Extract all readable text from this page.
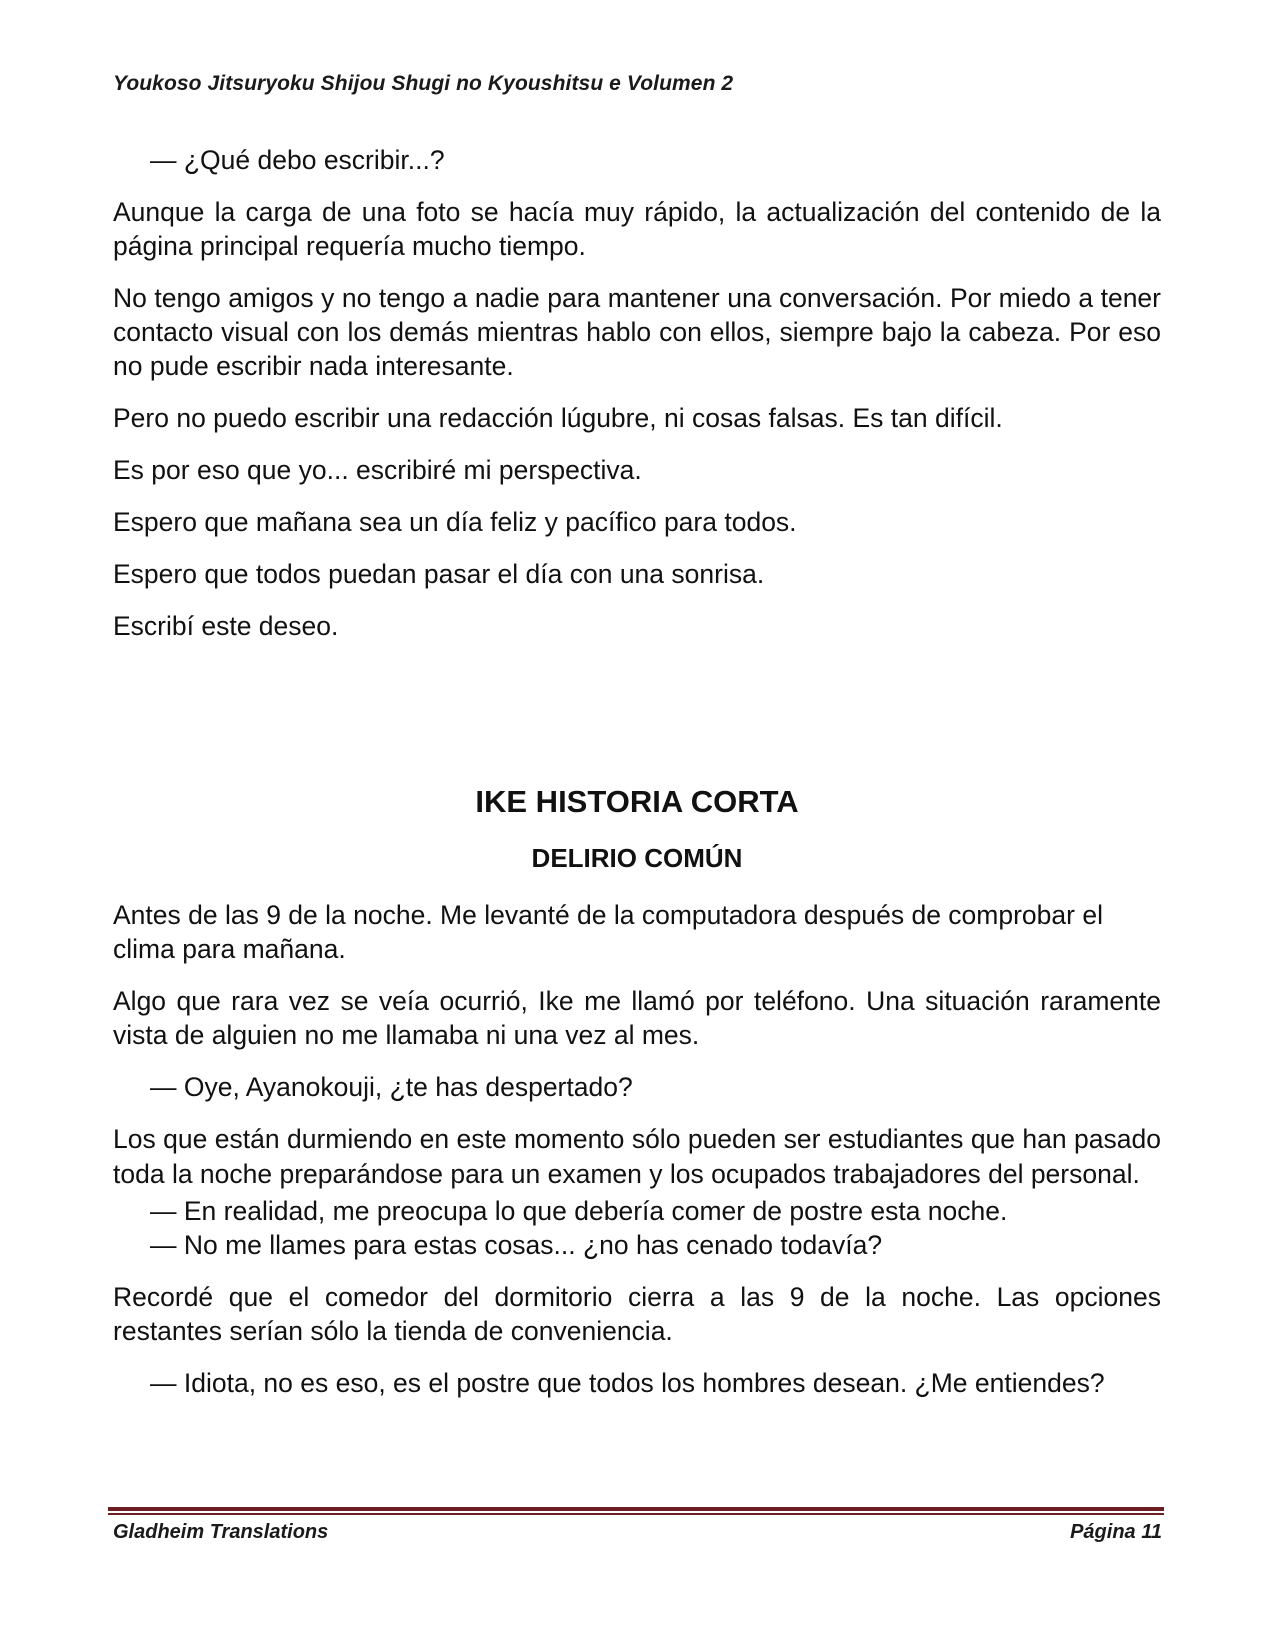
Youkoso Jitsuryoku Shijou Shugi no Kyoushitsu e Volumen 2

— ¿Qué debo escribir...?

Aunque la carga de una foto se hacía muy rápido, la actualización del contenido de la página principal requería mucho tiempo.

No tengo amigos y no tengo a nadie para mantener una conversación. Por miedo a tener contacto visual con los demás mientras hablo con ellos, siempre bajo la cabeza. Por eso no pude escribir nada interesante.

Pero no puedo escribir una redacción lúgubre, ni cosas falsas. Es tan difícil.

Es por eso que yo... escribiré mi perspectiva.

Espero que mañana sea un día feliz y pacífico para todos.

Espero que todos puedan pasar el día con una sonrisa.

Escribí este deseo.

IKE HISTORIA CORTA
DELIRIO COMÚN

Antes de las 9 de la noche. Me levanté de la computadora después de comprobar el clima para mañana.

Algo que rara vez se veía ocurrió, Ike me llamó por teléfono. Una situación raramente vista de alguien no me llamaba ni una vez al mes.

— Oye, Ayanokouji, ¿te has despertado?

Los que están durmiendo en este momento sólo pueden ser estudiantes que han pasado toda la noche preparándose para un examen y los ocupados trabajadores del personal.

— En realidad, me preocupa lo que debería comer de postre esta noche.

— No me llames para estas cosas... ¿no has cenado todavía?

Recordé que el comedor del dormitorio cierra a las 9 de la noche. Las opciones restantes serían sólo la tienda de conveniencia.

— Idiota, no es eso, es el postre que todos los hombres desean. ¿Me entiendes?

Gladheim Translations	Página 11
